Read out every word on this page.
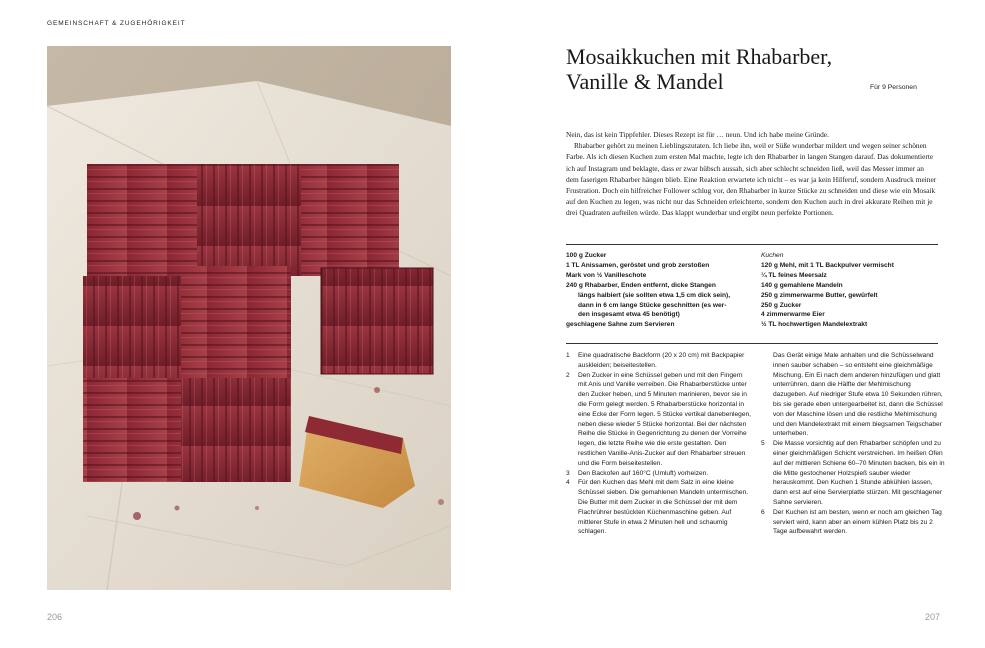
GEMEINSCHAFT & ZUGEHÖRIGKEIT
206	207
Mosaikkuchen mit Rhabarber,
Vanille & Mandel	Für 9 Personen

Nein, das ist kein Tippfehler. Dieses Rezept ist für … neun. Und ich habe meine Gründe.

Rhabarber gehört zu meinen Lieblingszutaten. Ich liebe ihn, weil er Süße wunderbar mildert und wegen seiner schönen Farbe. Als ich diesen Kuchen zum ersten Mal machte, legte ich den Rhabarber in langen Stangen darauf. Das dokumentierte ich auf Instagram und beklagte, dass er zwar hübsch aussah, sich aber schlecht schneiden ließ, weil das Messer immer an dem faserigen Rhabarber hängen blieb. Eine Reaktion erwartete ich nicht – es war ja kein Hilferuf, sondern Ausdruck meiner Frustration. Doch ein hilfreicher Follower schlug vor, den Rhabarber in kurze Stücke zu schneiden und diese wie ein Mosaik auf den Kuchen zu legen, was nicht nur das Schneiden erleichterte, sondern den Kuchen auch in drei akkurate Reihen mit je drei Quadraten aufteilen würde. Das klappt wunderbar und ergibt neun perfekte Portionen.

100 g Zucker
1 TL Anissamen, geröstet und grob zerstoßen
Mark von ½ Vanilleschote
240 g Rhabarber, Enden entfernt, dicke Stangen
längs halbiert (sie sollten etwa 1,5 cm dick sein),
dann in 6 cm lange Stücke geschnitten (es wer-
den insgesamt etwa 45 benötigt)
geschlagene Sahne zum Servieren
Kuchen
120 g Mehl, mit 1 TL Backpulver vermischt
¼ TL feines Meersalz
140 g gemahlene Mandeln
250 g zimmerwarme Butter, gewürfelt
250 g Zucker
4 zimmerwarme Eier
½ TL hochwertigen Mandelextrakt
1	Eine quadratische Backform (20 x 20 cm) mit Backpapier auskleiden; beiseitestellen.
2	Den Zucker in eine Schüssel geben und mit den Fingern mit Anis und Vanille verreiben. Die Rhabarberstücke unter den Zucker heben, und 5 Minuten marinieren, bevor sie in die Form gelegt werden. 5 Rhabarberstücke horizontal in eine Ecke der Form legen. 5 Stücke vertikal danebenlegen, neben diese wieder 5 Stücke horizontal. Bei der nächsten Reihe die Stücke in Gegenrichtung zu denen der Vorreihe legen, die letzte Reihe wie die erste gestalten. Den restlichen Vanille-Anis-Zucker auf den Rhabarber streuen und die Form beiseitestellen.
3	Den Backofen auf 160°C (Umluft) vorheizen.
4	Für den Kuchen das Mehl mit dem Salz in eine kleine Schüssel sieben. Die gemahlenen Mandeln untermischen. Die Butter mit dem Zucker in die Schüssel der mit dem Flachrührer bestückten Küchenmaschine geben. Auf mittlerer Stufe in etwa 2 Minuten hell und schaumig schlagen.
Das Gerät einige Male anhalten und die Schüsselwand innen sauber schaben – so entsteht eine gleichmäßige Mischung. Ein Ei nach dem anderen hinzufügen und glatt unterrühren, dann die Hälfte der Mehlmischung dazugeben. Auf niedriger Stufe etwa 10 Sekunden rühren, bis sie gerade eben untergearbeitet ist, dann die Schüssel von der Maschine lösen und die restliche Mehlmischung und den Mandelextrakt mit einem biegsamen Teigschaber unterheben.
5	Die Masse vorsichtig auf den Rhabarber schöpfen und zu einer gleichmäßigen Schicht verstreichen. Im heißen Ofen auf der mittleren Schiene 60–70 Minuten backen, bis ein in die Mitte gestochener Holzspieß sauber wieder herauskommt. Den Kuchen 1 Stunde abkühlen lassen, dann erst auf eine Servierplatte stürzen. Mit geschlagener Sahne servieren.
6	Der Kuchen ist am besten, wenn er noch am gleichen Tag serviert wird, kann aber an einem kühlen Platz bis zu 2 Tage aufbewahrt werden.
